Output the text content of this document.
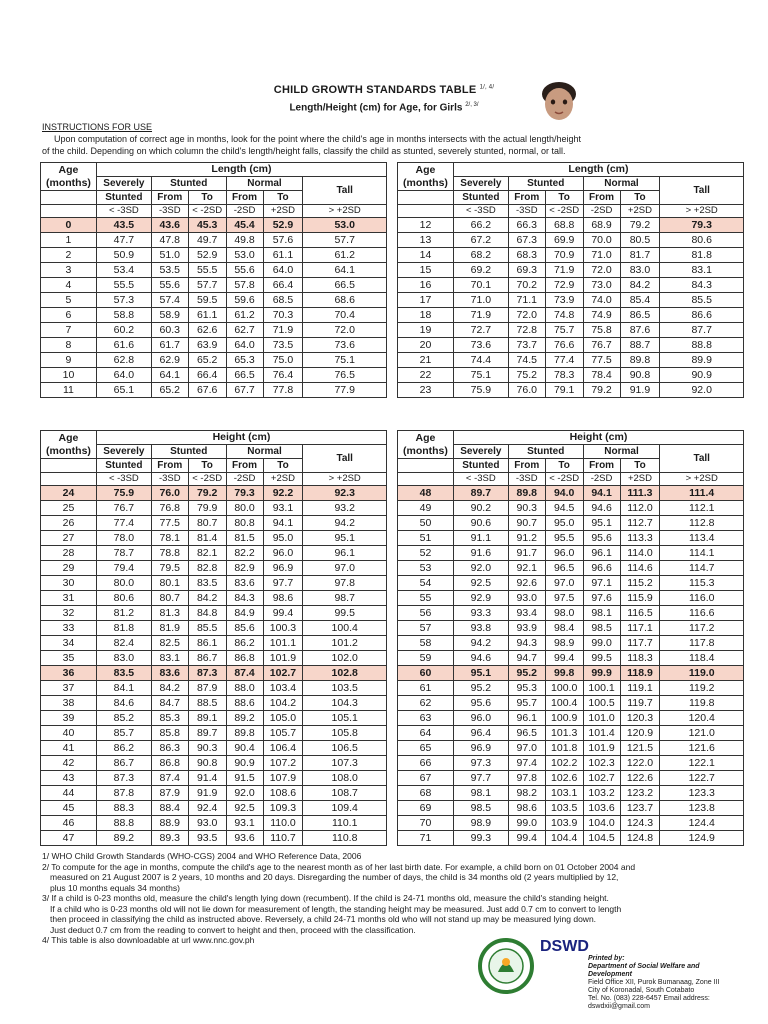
CHILD GROWTH STANDARDS TABLE $^{1/, 4/}$
Length/Height (cm) for Age, for Girls $^{2/, 3/}$
INSTRUCTIONS FOR USE
Upon computation of correct age in months, look for the point where the child's age in months intersects with the actual length/height
of the child. Depending on which column the child's length/height falls, classify the child as stunted, severely stunted, normal, or tall.
Age
(months)	Length (cm)					
	Severely	Stunted		Normal		Tall
	Stunted	From	To	From	To	
	< -3SD	-3SD	< -2SD	-2SD	+2SD	> +2SD
0	43.5	43.6	45.3	45.4	52.9	53.0
1	47.7	47.8	49.7	49.8	57.6	57.7
2	50.9	51.0	52.9	53.0	61.1	61.2
3	53.4	53.5	55.5	55.6	64.0	64.1
4	55.5	55.6	57.7	57.8	66.4	66.5
5	57.3	57.4	59.5	59.6	68.5	68.6
6	58.8	58.9	61.1	61.2	70.3	70.4
7	60.2	60.3	62.6	62.7	71.9	72.0
8	61.6	61.7	63.9	64.0	73.5	73.6
9	62.8	62.9	65.2	65.3	75.0	75.1
10	64.0	64.1	66.4	66.5	76.4	76.5
11	65.1	65.2	67.6	67.7	77.8	77.9
Age
(months)	Length (cm)					
	Severely	Stunted		Normal		Tall
	Stunted	From	To	From	To	
	< -3SD	-3SD	< -2SD	-2SD	+2SD	> +2SD
12	66.2	66.3	68.8	68.9	79.2	79.3
13	67.2	67.3	69.9	70.0	80.5	80.6
14	68.2	68.3	70.9	71.0	81.7	81.8
15	69.2	69.3	71.9	72.0	83.0	83.1
16	70.1	70.2	72.9	73.0	84.2	84.3
17	71.0	71.1	73.9	74.0	85.4	85.5
18	71.9	72.0	74.8	74.9	86.5	86.6
19	72.7	72.8	75.7	75.8	87.6	87.7
20	73.6	73.7	76.6	76.7	88.7	88.8
21	74.4	74.5	77.4	77.5	89.8	89.9
22	75.1	75.2	78.3	78.4	90.8	90.9
23	75.9	76.0	79.1	79.2	91.9	92.0
Age
(months)	Height (cm)					
	Severely	Stunted		Normal		Tall
	Stunted	From	To	From	To	
	< -3SD	-3SD	< -2SD	-2SD	+2SD	> +2SD
24	75.9	76.0	79.2	79.3	92.2	92.3
25	76.7	76.8	79.9	80.0	93.1	93.2
26	77.4	77.5	80.7	80.8	94.1	94.2
27	78.0	78.1	81.4	81.5	95.0	95.1
28	78.7	78.8	82.1	82.2	96.0	96.1
29	79.4	79.5	82.8	82.9	96.9	97.0
30	80.0	80.1	83.5	83.6	97.7	97.8
31	80.6	80.7	84.2	84.3	98.6	98.7
32	81.2	81.3	84.8	84.9	99.4	99.5
33	81.8	81.9	85.5	85.6	100.3	100.4
34	82.4	82.5	86.1	86.2	101.1	101.2
35	83.0	83.1	86.7	86.8	101.9	102.0
36	83.5	83.6	87.3	87.4	102.7	102.8
37	84.1	84.2	87.9	88.0	103.4	103.5
38	84.6	84.7	88.5	88.6	104.2	104.3
39	85.2	85.3	89.1	89.2	105.0	105.1
40	85.7	85.8	89.7	89.8	105.7	105.8
41	86.2	86.3	90.3	90.4	106.4	106.5
42	86.7	86.8	90.8	90.9	107.2	107.3
43	87.3	87.4	91.4	91.5	107.9	108.0
44	87.8	87.9	91.9	92.0	108.6	108.7
45	88.3	88.4	92.4	92.5	109.3	109.4
46	88.8	88.9	93.0	93.1	110.0	110.1
47	89.2	89.3	93.5	93.6	110.7	110.8
Age
(months)	Height (cm)					
	Severely	Stunted		Normal		Tall
	Stunted	From	To	From	To	
	< -3SD	-3SD	< -2SD	-2SD	+2SD	> +2SD
48	89.7	89.8	94.0	94.1	111.3	111.4
49	90.2	90.3	94.5	94.6	112.0	112.1
50	90.6	90.7	95.0	95.1	112.7	112.8
51	91.1	91.2	95.5	95.6	113.3	113.4
52	91.6	91.7	96.0	96.1	114.0	114.1
53	92.0	92.1	96.5	96.6	114.6	114.7
54	92.5	92.6	97.0	97.1	115.2	115.3
55	92.9	93.0	97.5	97.6	115.9	116.0
56	93.3	93.4	98.0	98.1	116.5	116.6
57	93.8	93.9	98.4	98.5	117.1	117.2
58	94.2	94.3	98.9	99.0	117.7	117.8
59	94.6	94.7	99.4	99.5	118.3	118.4
60	95.1	95.2	99.8	99.9	118.9	119.0
61	95.2	95.3	100.0	100.1	119.1	119.2
62	95.6	95.7	100.4	100.5	119.7	119.8
63	96.0	96.1	100.9	101.0	120.3	120.4
64	96.4	96.5	101.3	101.4	120.9	121.0
65	96.9	97.0	101.8	101.9	121.5	121.6
66	97.3	97.4	102.2	102.3	122.0	122.1
67	97.7	97.8	102.6	102.7	122.6	122.7
68	98.1	98.2	103.1	103.2	123.2	123.3
69	98.5	98.6	103.5	103.6	123.7	123.8
70	98.9	99.0	103.9	104.0	124.3	124.4
71	99.3	99.4	104.4	104.5	124.8	124.9

1/ WHO Child Growth Standards (WHO-CGS) 2004 and WHO Reference Data, 2006

2/ To compute for the age in months, compute the child's age to the nearest month as of her last birth date. For example, a child born on 01 October 2004 and

measured on 21 August 2007 is 2 years, 10 months and 20 days. Disregarding the number of days, the child is 34 months old (2 years multiplied by 12,

plus 10 months equals 34 months)

3/ If a child is 0-23 months old, measure the child's length lying down (recumbent). If the child is 24-71 months old, measure the child's standing height.

If a child who is 0-23 months old will not lie down for measurement of length, the standing height may be measured. Just add 0.7 cm to convert to length

then proceed in classifying the child as instructed above. Reversely, a child 24-71 months old who will not stand up may be measured lying down.

Just deduct 0.7 cm from the reading to convert to height and then, proceed with the classification.

4/ This table is also downloadable at url www.nnc.gov.ph	DSWD
Printed by:
Department of Social Welfare and Development
Field Office XII, Purok Bumanaag, Zone III
City of Koronadal, South Cotabato
Tel. No. (083) 228-6457 Email address: dswdxii@gmail.com
